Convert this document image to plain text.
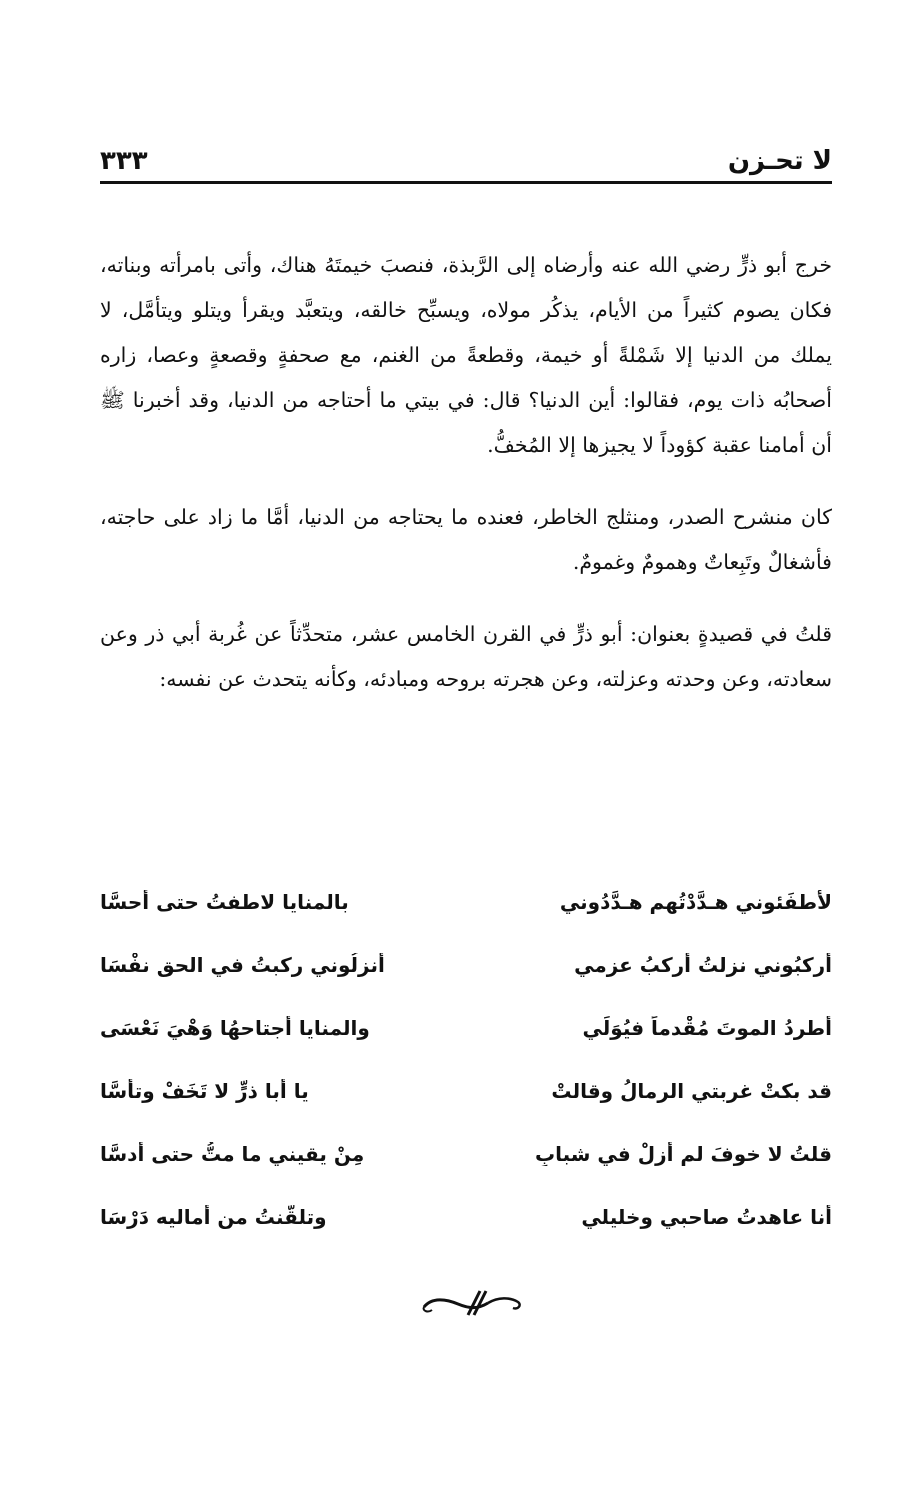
لا تحـزن
٣٣٣

خرج أبو ذرٍّ رضي الله عنه وأرضاه إلى الرَّبذة، فنصبَ خيمتَهُ هناك، وأتى بامرأته وبناته، فكان يصوم كثيراً من الأيام، يذكُر مولاه، ويسبِّح خالقه، ويتعبَّد ويقرأ ويتلو ويتأمَّل، لا يملك من الدنيا إلا شَمْلةً أو خيمة، وقطعةً من الغنم، مع صحفةٍ وقصعةٍ وعصا، زاره أصحابُه ذات يوم، فقالوا: أين الدنيا؟ قال: في بيتي ما أحتاجه من الدنيا، وقد أخبرنا ﷺ أن أمامنا عقبة كؤوداً لا يجيزها إلا المُخفُّ.

كان منشرح الصدر، ومنثلج الخاطر، فعنده ما يحتاجه من الدنيا، أمَّا ما زاد على حاجته، فأشغالٌ وتَبِعاتٌ وهمومٌ وغمومٌ.

قلتُ في قصيدةٍ بعنوان: أبو ذرٍّ في القرن الخامس عشر، متحدِّثاً عن غُربة أبي ذر وعن سعادته، وعن وحدته وعزلته، وعن هجرته بروحه ومبادئه، وكأنه يتحدث عن نفسه:

لأَطفَئوني هـدَّدْتُهم هـدَّدُوني
بالمنايا لاطفتُ حتى أحسَّا
أركبُوني نزلتُ أركبُ عزمي
أنزلُوني ركبتُ في الحق نفْسَا
أطردُ الموتَ مُقْدماً فيُوَلِّي
والمنايا أجتاحهُا وَهْيَ نَعْسَى
قد بكتْ غربتي الرمالُ وقالتْ
يا أبا ذرٍّ لا تَخَفْ وتأسَّا
قلتُ لا خوفَ لم أزلْ في شبابٍ
مِنْ يقيني ما متُّ حتى أدسَّا
أنا عاهدتُ صاحبي وخليلي
وتلقَّنتُ من أماليه دَرْسَا
